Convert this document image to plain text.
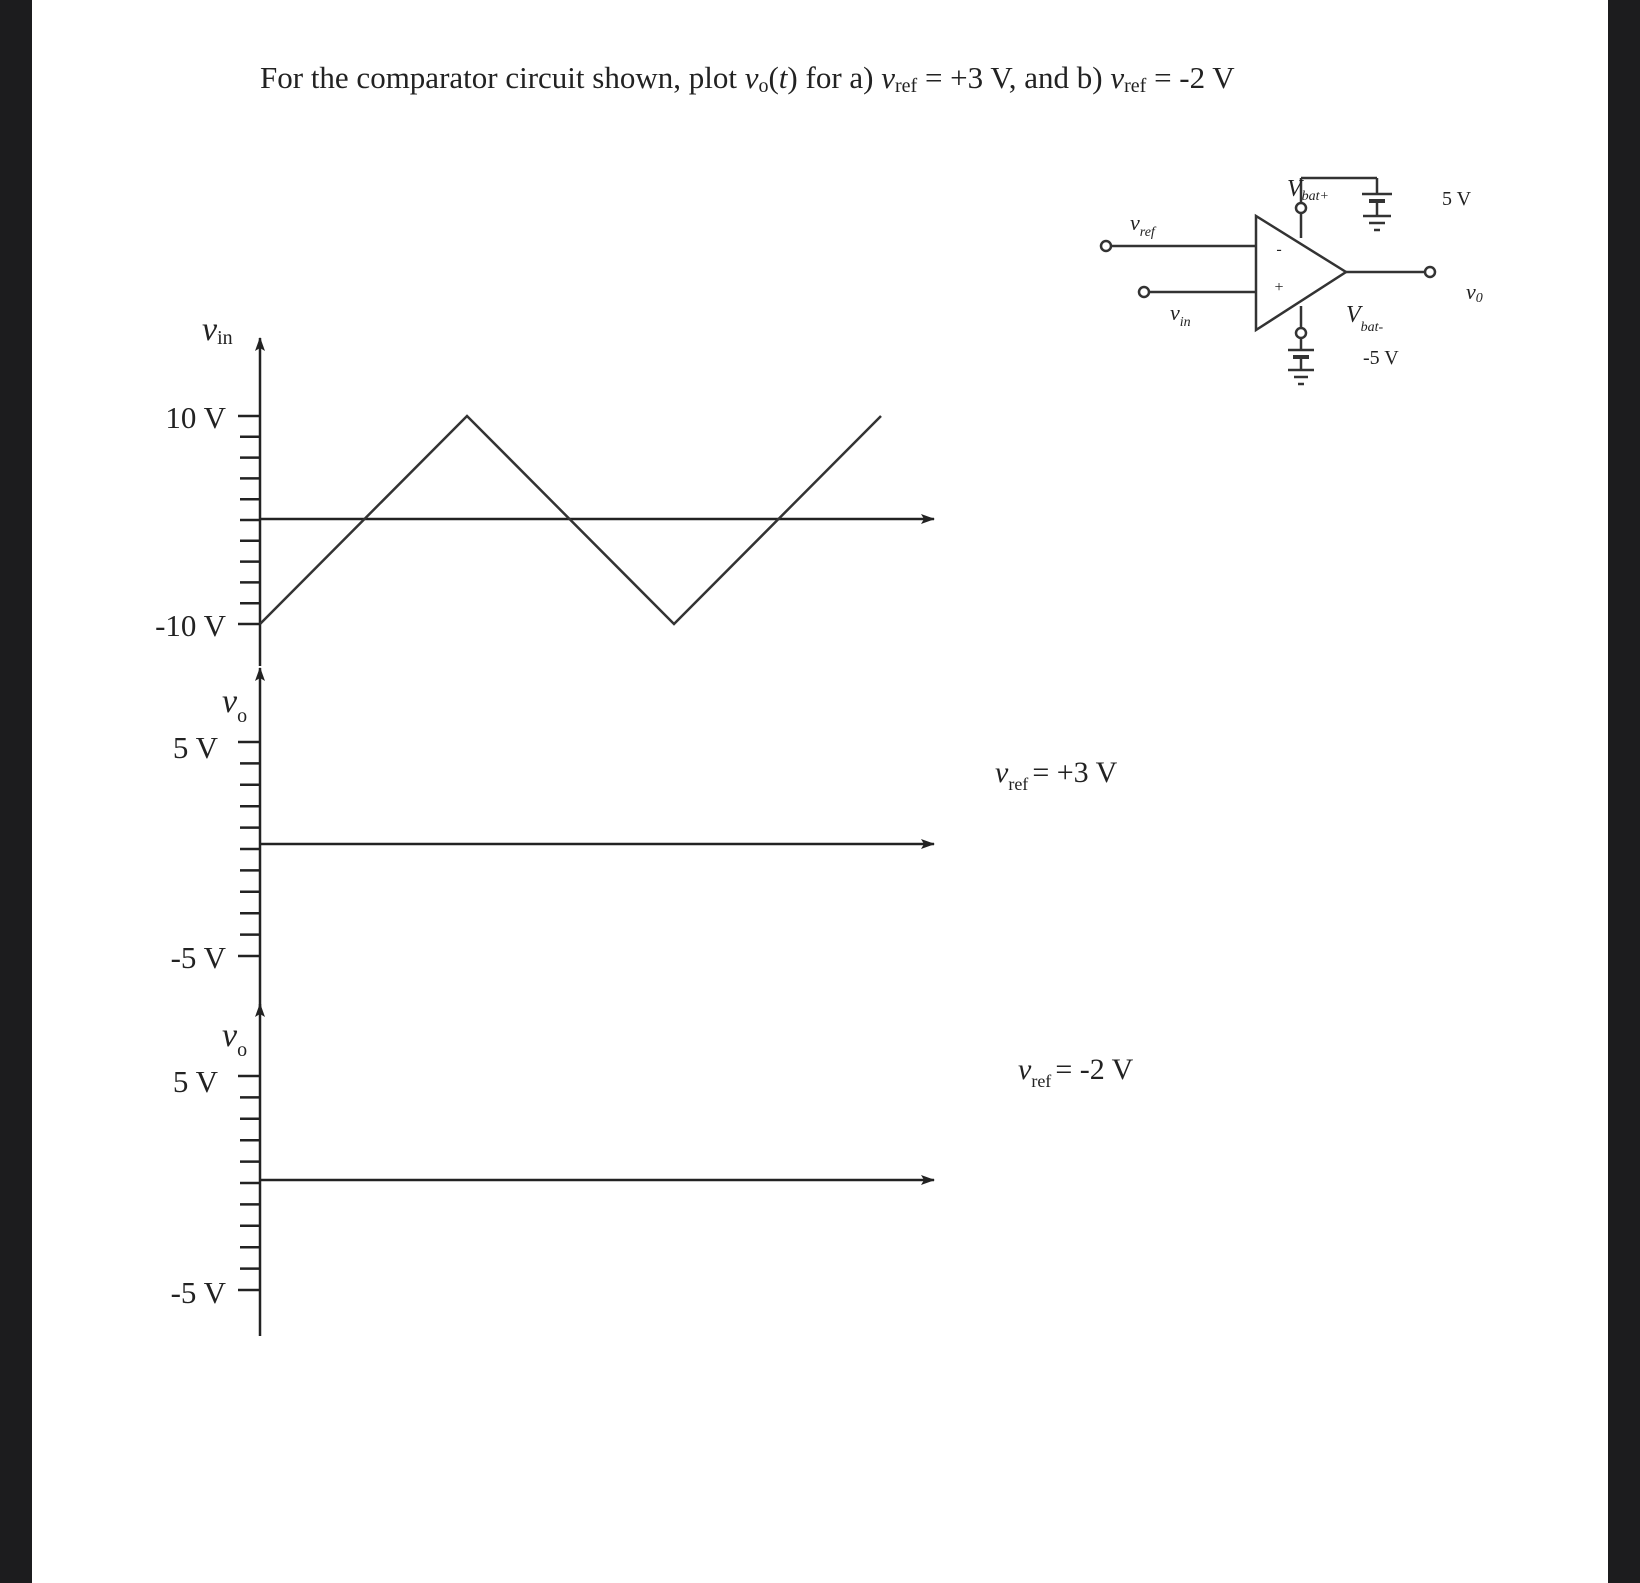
For the comparator circuit shown, plot vo(t) for a) vref = +3 V, and b) vref = -2 V
-
+
$v_{ref}$
$v_{in}$
Vbat+	5 V
$V_{bat-}$
-5 V
v0
vin
10 V
-10 V
$v_o$
5 V
-5 V
$v_{ref} = +3$ V
$v_o$
5 V
-5 V
$v_{ref} = -2$ V
